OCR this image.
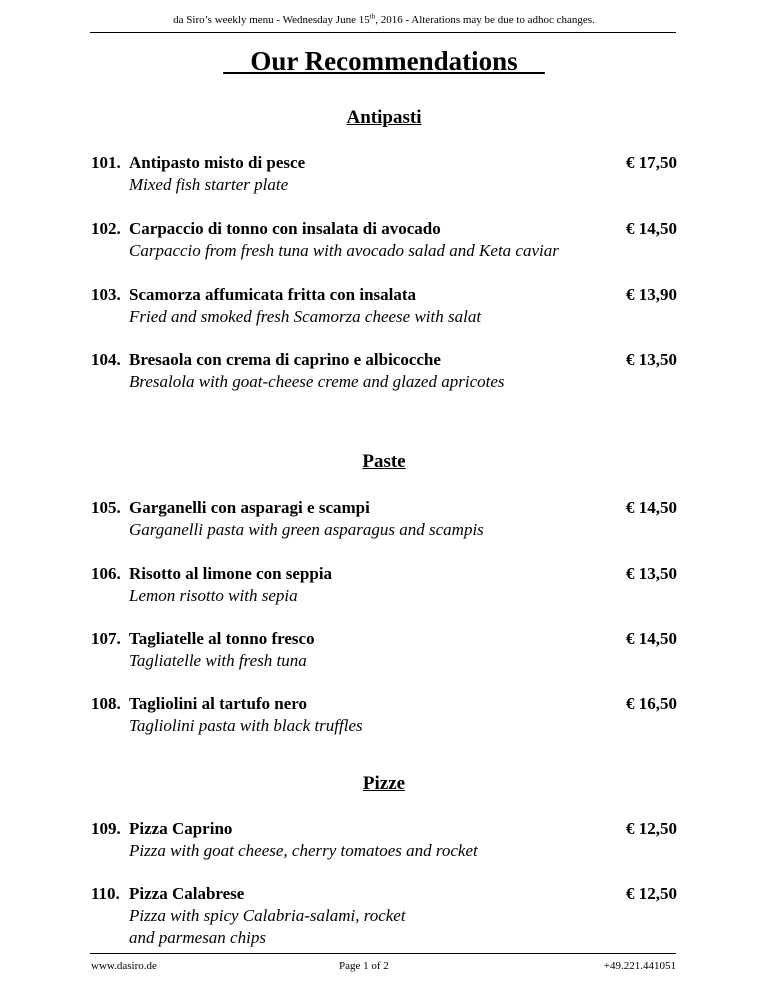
da Siro’s weekly menu - Wednesday June 15th, 2016 - Alterations may be due to adhoc changes.
__Our Recommendations__
Antipasti
101. Antipasto misto di pesce	€ 17,50
Mixed fish starter plate
102. Carpaccio di tonno con insalata di avocado	€ 14,50
Carpaccio from fresh tuna with avocado salad and Keta caviar
103. Scamorza affumicata fritta con insalata	€ 13,90
Fried and smoked fresh Scamorza cheese with salat
104. Bresaola con crema di caprino e albicocche	€ 13,50
Bresalola with goat-cheese creme and glazed apricotes
Paste
105. Garganelli con asparagi e scampi	€ 14,50
Garganelli pasta with green asparagus and scampis
106. Risotto al limone con seppia	€ 13,50
Lemon risotto with sepia
107. Tagliatelle al tonno fresco	€ 14,50
Tagliatelle with fresh tuna
108. Tagliolini al tartufo nero	€ 16,50
Tagliolini pasta with black truffles
Pizze
109. Pizza Caprino	€ 12,50
Pizza with goat cheese, cherry tomatoes and rocket
110. Pizza Calabrese	€ 12,50
Pizza with spicy Calabria-salami, rocket and parmesan chips
www.dasiro.de	Page 1 of 2	+49.221.441051
